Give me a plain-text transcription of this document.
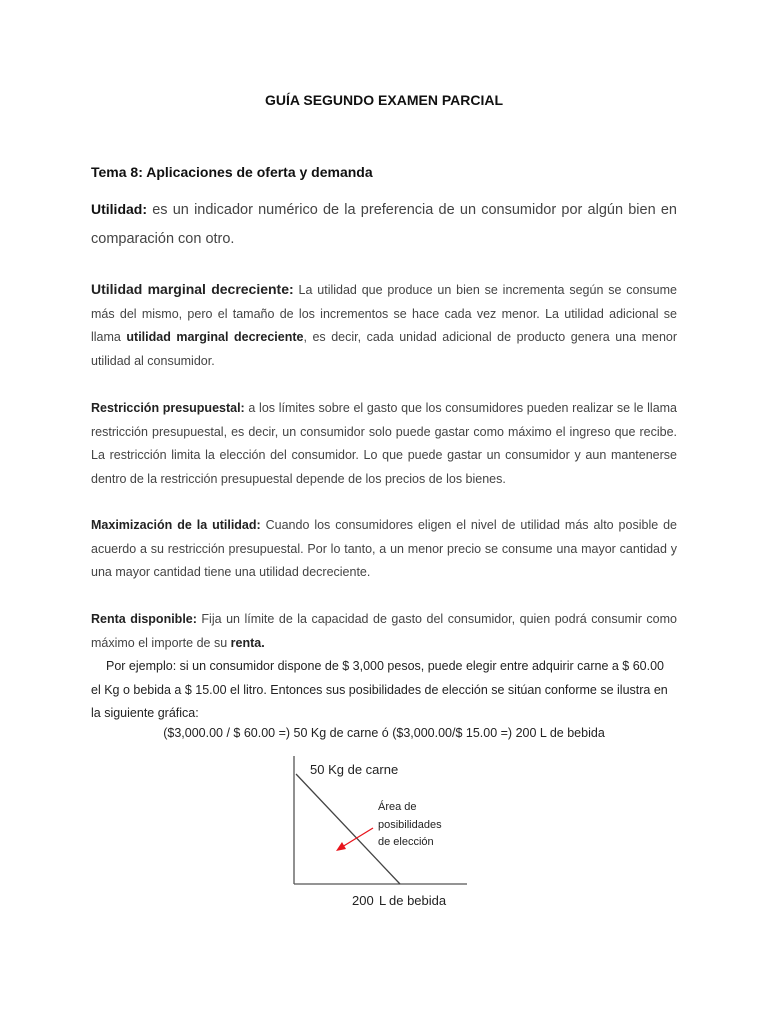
GUÍA SEGUNDO EXAMEN PARCIAL
Tema 8: Aplicaciones de oferta y demanda
Utilidad: es un indicador numérico de la preferencia de un consumidor por algún bien en comparación con otro.
Utilidad marginal decreciente: La utilidad que produce un bien se incrementa según se consume más del mismo, pero el tamaño de los incrementos se hace cada vez menor. La utilidad adicional se llama utilidad marginal decreciente, es decir, cada unidad adicional de producto genera una menor utilidad al consumidor.
Restricción presupuestal: a los límites sobre el gasto que los consumidores pueden realizar se le llama restricción presupuestal, es decir, un consumidor solo puede gastar como máximo el ingreso que recibe. La restricción limita la elección del consumidor. Lo que puede gastar un consumidor y aun mantenerse dentro de la restricción presupuestal depende de los precios de los bienes.
Maximización de la utilidad: Cuando los consumidores eligen el nivel de utilidad más alto posible de acuerdo a su restricción presupuestal. Por lo tanto, a un menor precio se consume una mayor cantidad y una mayor cantidad tiene una utilidad decreciente.
Renta disponible: Fija un límite de la capacidad de gasto del consumidor, quien podrá consumir como máximo el importe de su renta.
Por ejemplo: si un consumidor dispone de $ 3,000 pesos, puede elegir entre adquirir carne a $ 60.00 el Kg o bebida a $ 15.00 el litro. Entonces sus posibilidades de elección se sitúan conforme se ilustra en la siguiente gráfica:
($3,000.00 / $ 60.00 =) 50 Kg de carne ó ($3,000.00/$ 15.00 =) 200 L de bebida
50 Kg de carne
Área de
posibilidades
de elección
200 L de bebida
